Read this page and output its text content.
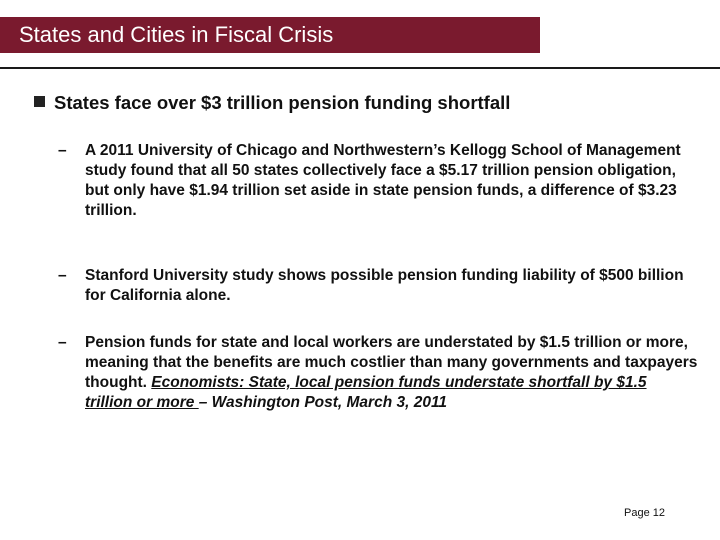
States and Cities in Fiscal Crisis
States face over $3 trillion pension funding shortfall
– A 2011 University of Chicago and Northwestern’s Kellogg School of Management study found that all 50 states collectively face a $5.17 trillion pension obligation, but only have $1.94 trillion set aside in state pension funds, a difference of $3.23 trillion.
– Stanford University study shows possible pension funding liability of $500 billion for California alone.
– Pension funds for state and local workers are understated by $1.5 trillion or more, meaning that the benefits are much costlier than many governments and taxpayers thought. Economists: State, local pension funds understate shortfall by $1.5 trillion or more – Washington Post, March 3, 2011
Page 12
